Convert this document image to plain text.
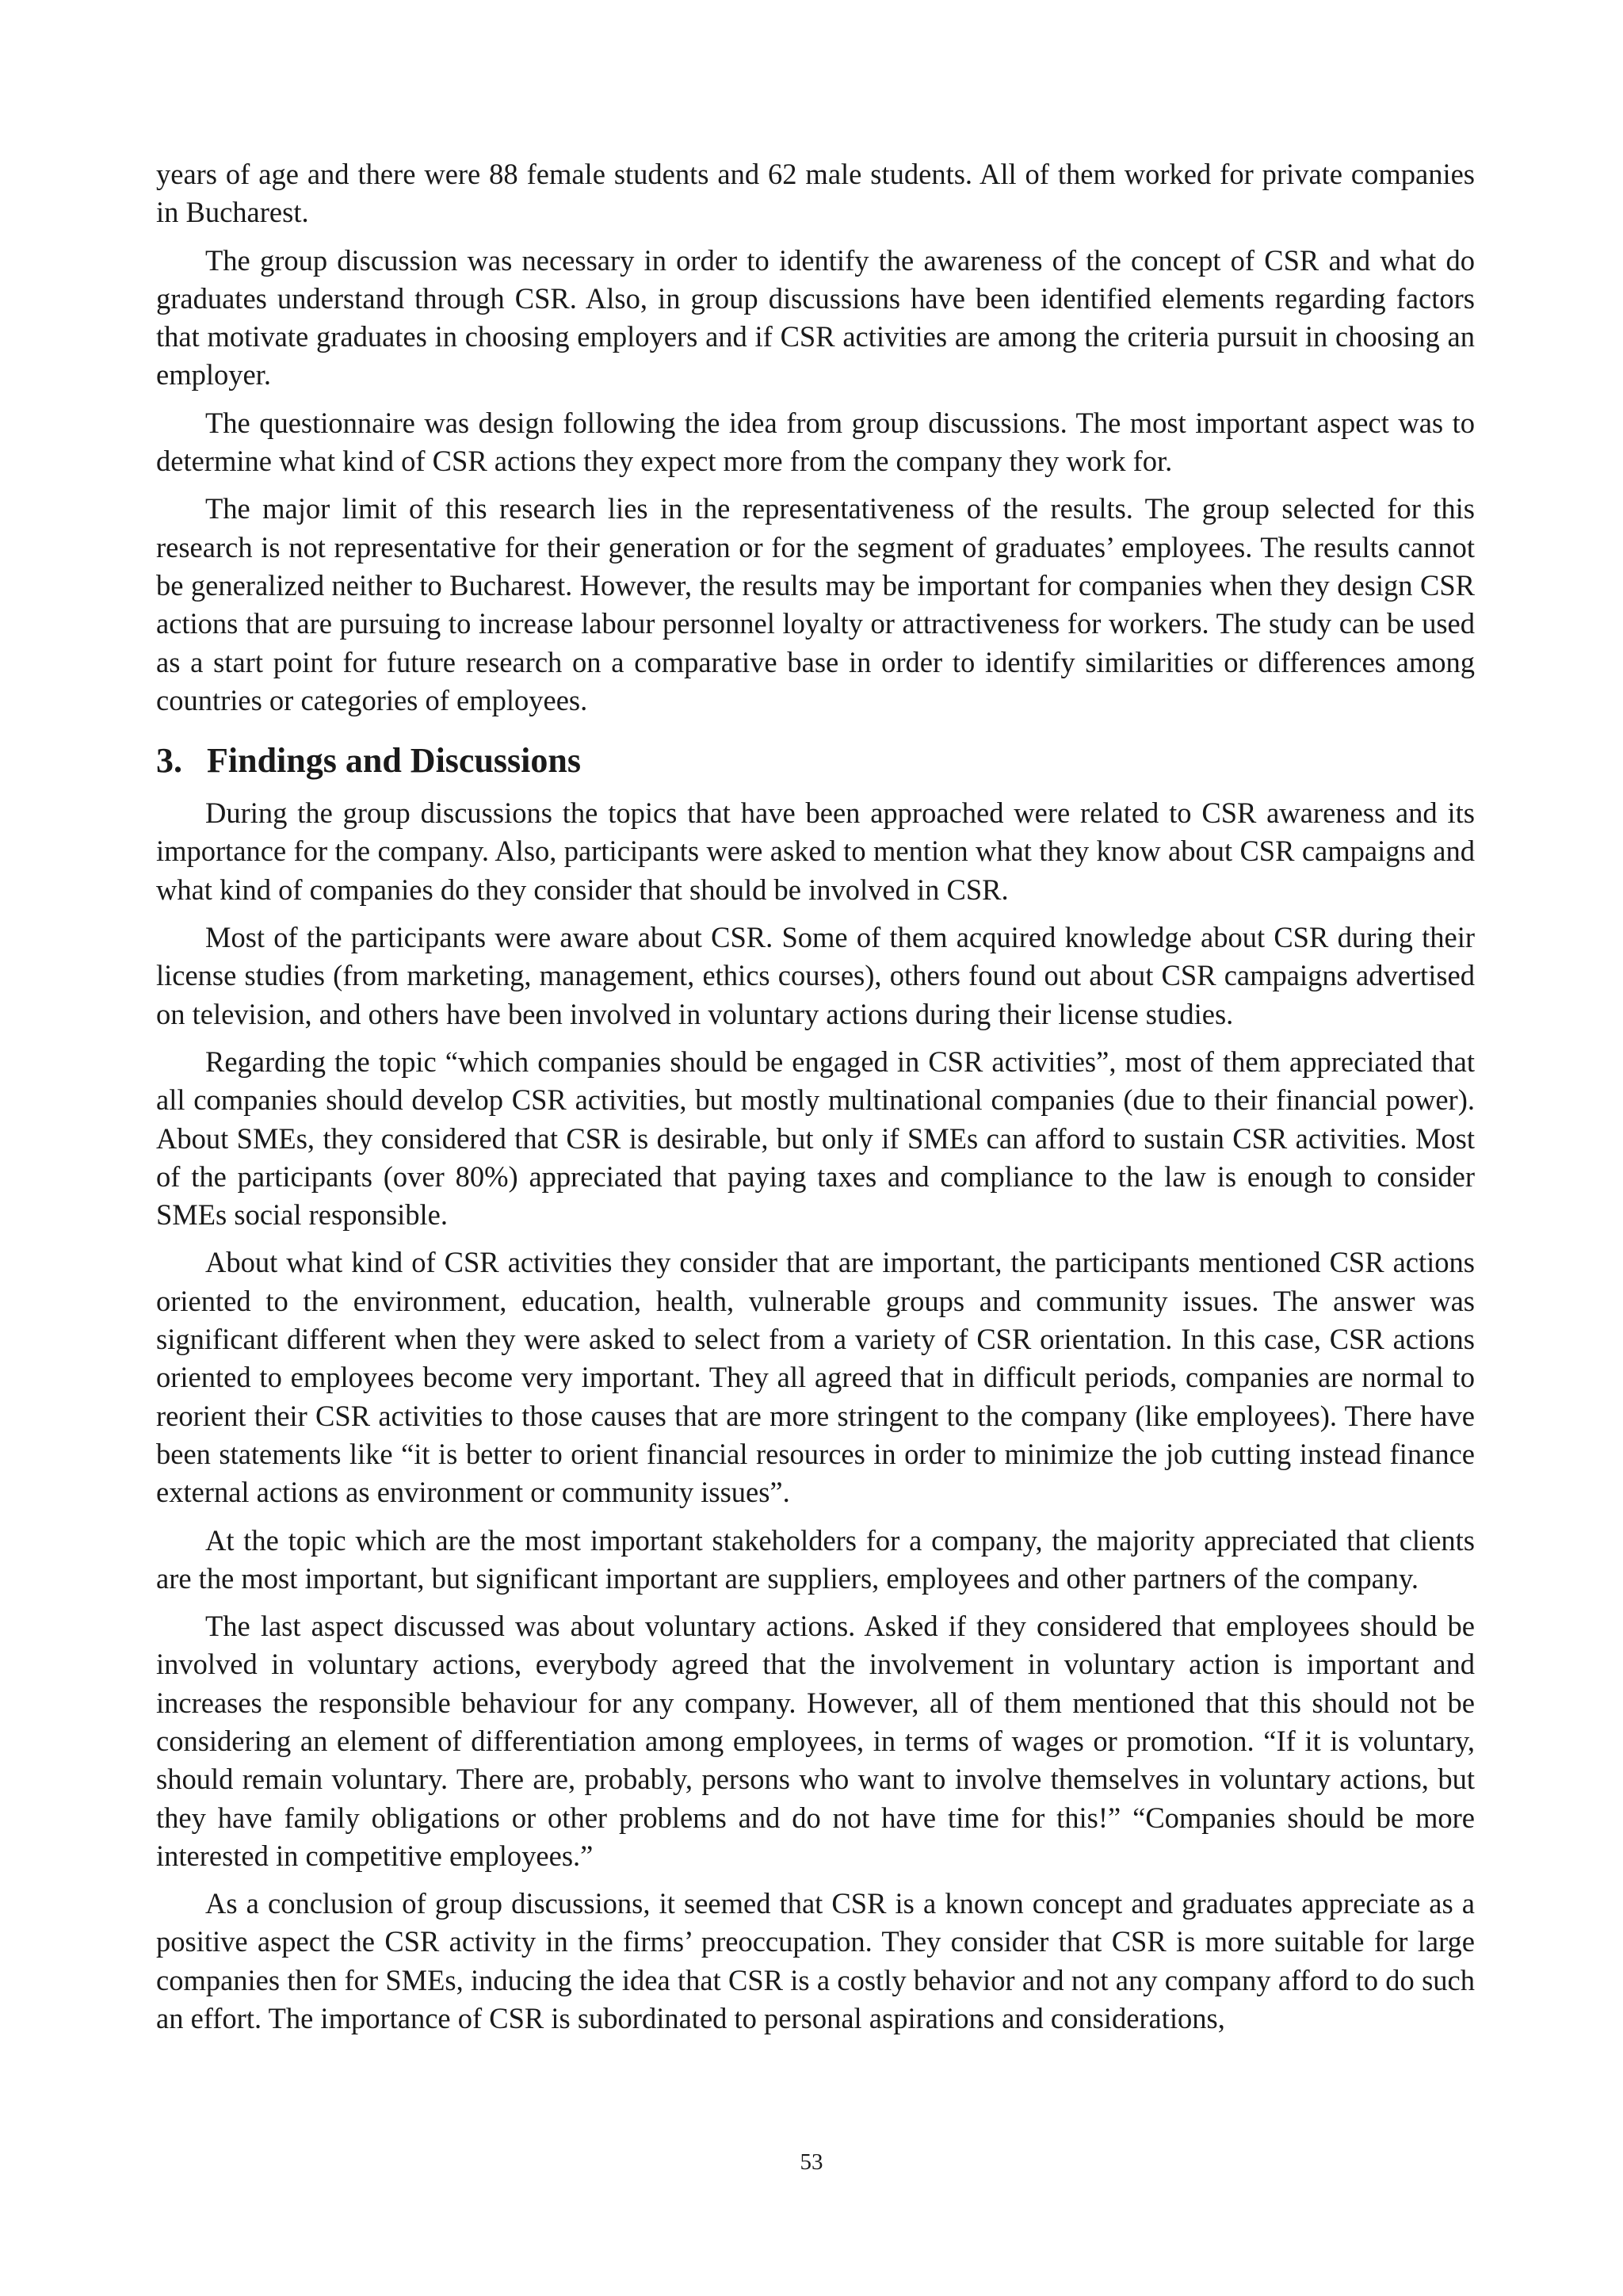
years of age and there were 88 female students and 62 male students. All of them worked for private companies in Bucharest.

The group discussion was necessary in order to identify the awareness of the concept of CSR and what do graduates understand through CSR. Also, in group discussions have been identified elements regarding factors that motivate graduates in choosing employers and if CSR activities are among the criteria pursuit in choosing an employer.

The questionnaire was design following the idea from group discussions. The most important aspect was to determine what kind of CSR actions they expect more from the company they work for.

The major limit of this research lies in the representativeness of the results. The group selected for this research is not representative for their generation or for the segment of graduates’ employees. The results cannot be generalized neither to Bucharest. However, the results may be important for companies when they design CSR actions that are pursuing to increase labour personnel loyalty or attractiveness for workers. The study can be used as a start point for future research on a comparative base in order to identify similarities or differences among countries or categories of employees.

3. Findings and Discussions

During the group discussions the topics that have been approached were related to CSR awareness and its importance for the company. Also, participants were asked to mention what they know about CSR campaigns and what kind of companies do they consider that should be involved in CSR.

Most of the participants were aware about CSR. Some of them acquired knowledge about CSR during their license studies (from marketing, management, ethics courses), others found out about CSR campaigns advertised on television, and others have been involved in voluntary actions during their license studies.

Regarding the topic “which companies should be engaged in CSR activities”, most of them appreciated that all companies should develop CSR activities, but mostly multinational companies (due to their financial power). About SMEs, they considered that CSR is desirable, but only if SMEs can afford to sustain CSR activities. Most of the participants (over 80%) appreciated that paying taxes and compliance to the law is enough to consider SMEs social responsible.

About what kind of CSR activities they consider that are important, the participants mentioned CSR actions oriented to the environment, education, health, vulnerable groups and community issues. The answer was significant different when they were asked to select from a variety of CSR orientation. In this case, CSR actions oriented to employees become very important. They all agreed that in difficult periods, companies are normal to reorient their CSR activities to those causes that are more stringent to the company (like employees). There have been statements like “it is better to orient financial resources in order to minimize the job cutting instead finance external actions as environment or community issues”.

At the topic which are the most important stakeholders for a company, the majority appreciated that clients are the most important, but significant important are suppliers, employees and other partners of the company.

The last aspect discussed was about voluntary actions. Asked if they considered that employees should be involved in voluntary actions, everybody agreed that the involvement in voluntary action is important and increases the responsible behaviour for any company. However, all of them mentioned that this should not be considering an element of differentiation among employees, in terms of wages or promotion. “If it is voluntary, should remain voluntary. There are, probably, persons who want to involve themselves in voluntary actions, but they have family obligations or other problems and do not have time for this!” “Companies should be more interested in competitive employees.”

As a conclusion of group discussions, it seemed that CSR is a known concept and graduates appreciate as a positive aspect the CSR activity in the firms’ preoccupation. They consider that CSR is more suitable for large companies then for SMEs, inducing the idea that CSR is a costly behavior and not any company afford to do such an effort. The importance of CSR is subordinated to personal aspirations and considerations,

53
